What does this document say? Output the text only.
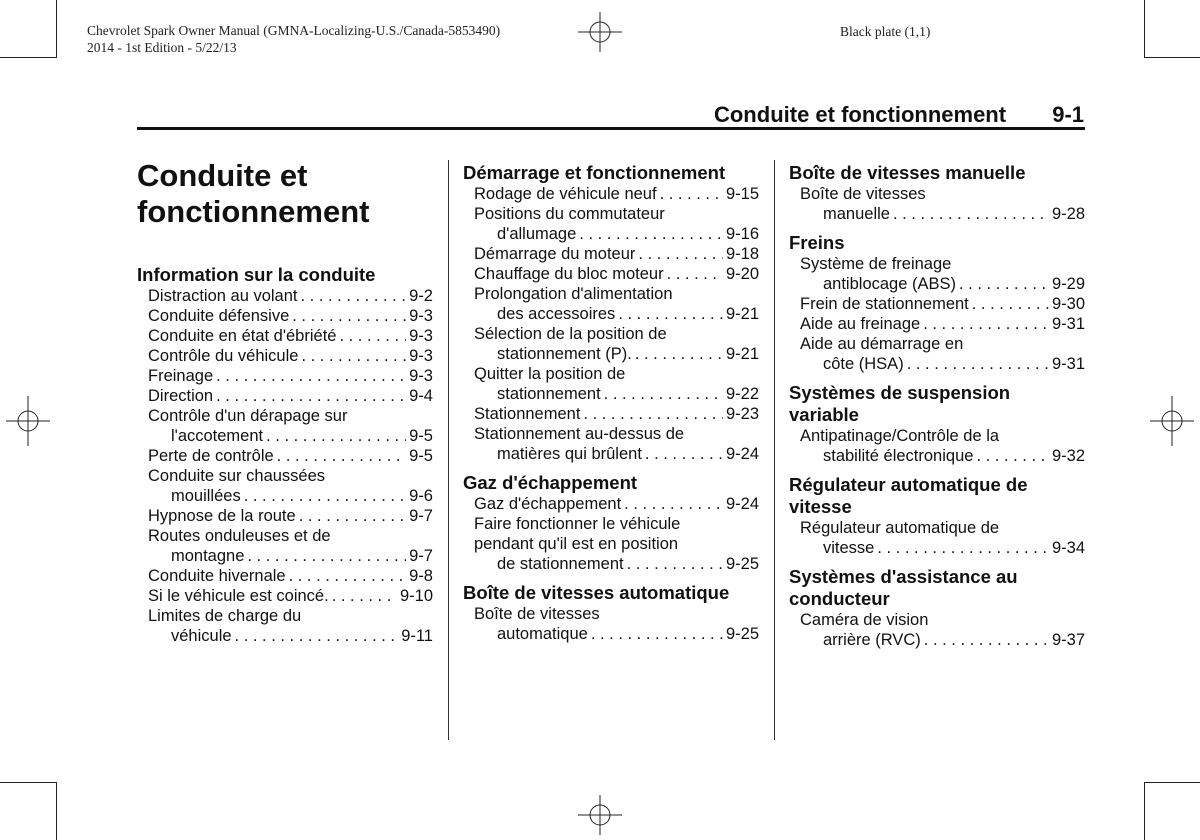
Chevrolet Spark Owner Manual (GMNA-Localizing-U.S./Canada-5853490)
2014 - 1st Edition - 5/22/13
Black plate (1,1)
Conduite et fonctionnement 9-1
Conduite et
fonctionnement
Information sur la conduite
Distraction au volant . . .	9-2
Conduite défensive . . .	9-3
Conduite en état d'ébriété . . .	9-3
Contrôle du véhicule . . .	9-3
Freinage . . .	9-3
Direction . . .	9-4
Contrôle d'un dérapage sur
l'accotement . . .	9-5
Perte de contrôle . . .	9-5
Conduite sur chaussées
mouillées . . .	9-6
Hypnose de la route . . .	9-7
Routes onduleuses et de
montagne . . .	9-7
Conduite hivernale . . .	9-8
Si le véhicule est coincé. . . .	9-10
Limites de charge du
véhicule . . .	9-11
Démarrage et fonctionnement
Rodage de véhicule neuf . . .	9-15
Positions du commutateur
d'allumage . . .	9-16
Démarrage du moteur . . .	9-18
Chauffage du bloc moteur . . .	9-20
Prolongation d'alimentation
des accessoires . . .	9-21
Sélection de la position de
stationnement (P). . . .	9-21
Quitter la position de
stationnement . . .	9-22
Stationnement . . .	9-23
Stationnement au-dessus de
matières qui brûlent . . .	9-24
Gaz d'échappement
Gaz d'échappement . . .	9-24
Faire fonctionner le véhicule
pendant qu'il est en position
de stationnement . . .	9-25
Boîte de vitesses automatique
Boîte de vitesses
automatique . . .	9-25
Boîte de vitesses manuelle
Boîte de vitesses
manuelle . . .	9-28
Freins
Système de freinage
antiblocage (ABS) . . .	9-29
Frein de stationnement . . .	9-30
Aide au freinage . . .	9-31
Aide au démarrage en
côte (HSA) . . .	9-31
Systèmes de suspension variable
Antipatinage/Contrôle de la
stabilité électronique . . .	9-32
Régulateur automatique de vitesse
Régulateur automatique de
vitesse . . .	9-34
Systèmes d'assistance au conducteur
Caméra de vision
arrière (RVC) . . .	9-37
